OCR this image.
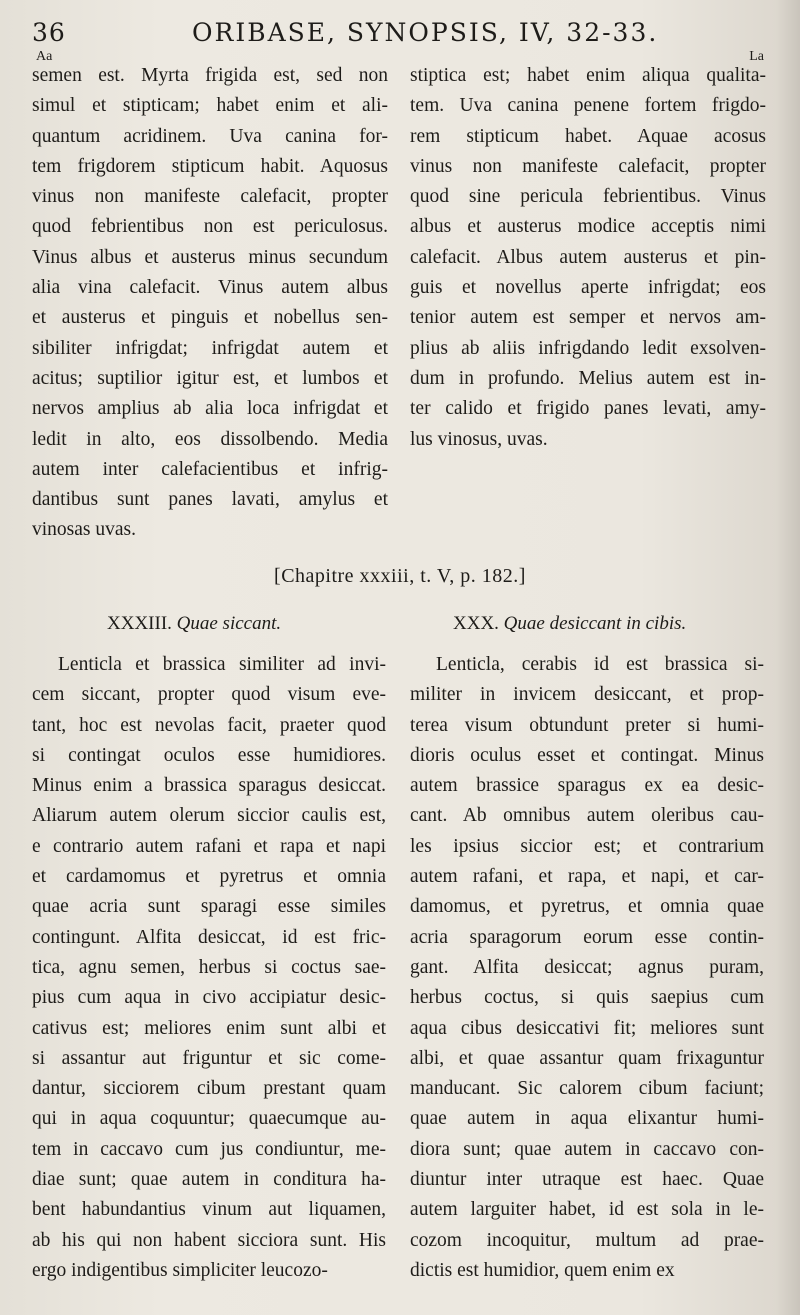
36	ORIBASE, SYNOPSIS, IV, 32-33.
Aa	La
semen est. Myrta frigida est, sed non
simul et stipticam; habet enim et ali-
quantum acridinem. Uva canina for-
tem frigdorem stipticum habit. Aquosus
vinus non manifeste calefacit, propter
quod febrientibus non est periculosus.
Vinus albus et austerus minus secundum
alia vina calefacit. Vinus autem albus
et austerus et pinguis et nobellus sen-
sibiliter infrigdat; infrigdat autem et
acitus; suptilior igitur est, et lumbos et
nervos amplius ab alia loca infrigdat et
ledit in alto, eos dissolbendo. Media
autem inter calefacientibus et infrig-
dantibus sunt panes lavati, amylus et
vinosas uvas.
stiptica est; habet enim aliqua qualita-
tem. Uva canina penene fortem frigdo-
rem stipticum habet. Aquae acosus
vinus non manifeste calefacit, propter
quod sine pericula febrientibus. Vinus
albus et austerus modice acceptis nimi
calefacit. Albus autem austerus et pin-
guis et novellus aperte infrigdat; eos
tenior autem est semper et nervos am-
plius ab aliis infrigdando ledit exsolven-
dum in profundo. Melius autem est in-
ter calido et frigido panes levati, amy-
lus vinosus, uvas.
[Chapitre xxxiii, t. V, p. 182.]
XXXIII. Quae siccant.	XXX. Quae desiccant in cibis.
Lenticla et brassica similiter ad invi-
cem siccant, propter quod visum eve-
tant, hoc est nevolas facit, praeter quod
si contingat oculos esse humidiores.
Minus enim a brassica sparagus desiccat.
Aliarum autem olerum siccior caulis est,
e contrario autem rafani et rapa et napi
et cardamomus et pyretrus et omnia
quae acria sunt sparagi esse similes
contingunt. Alfita desiccat, id est fric-
tica, agnu semen, herbus si coctus sae-
pius cum aqua in civo accipiatur desic-
cativus est; meliores enim sunt albi et
si assantur aut friguntur et sic come-
dantur, sicciorem cibum prestant quam
qui in aqua coquuntur; quaecumque au-
tem in caccavo cum jus condiuntur, me-
diae sunt; quae autem in conditura ha-
bent habundantius vinum aut liquamen,
ab his qui non habent sicciora sunt. His
ergo indigentibus simpliciter leucozo-
Lenticla, cerabis id est brassica si-
militer in invicem desiccant, et prop-
terea visum obtundunt preter si humi-
dioris oculus esset et contingat. Minus
autem brassice sparagus ex ea desic-
cant. Ab omnibus autem oleribus cau-
les ipsius siccior est; et contrarium
autem rafani, et rapa, et napi, et car-
damomus, et pyretrus, et omnia quae
acria sparagorum eorum esse contin-
gant. Alfita desiccat; agnus puram,
herbus coctus, si quis saepius cum
aqua cibus desiccativi fit; meliores sunt
albi, et quae assantur quam frixaguntur
manducant. Sic calorem cibum faciunt;
quae autem in aqua elixantur humi-
diora sunt; quae autem in caccavo con-
diuntur inter utraque est haec. Quae
autem larguiter habet, id est sola in le-
cozom incoquitur, multum ad prae-
dictis est humidior, quem enim ex
